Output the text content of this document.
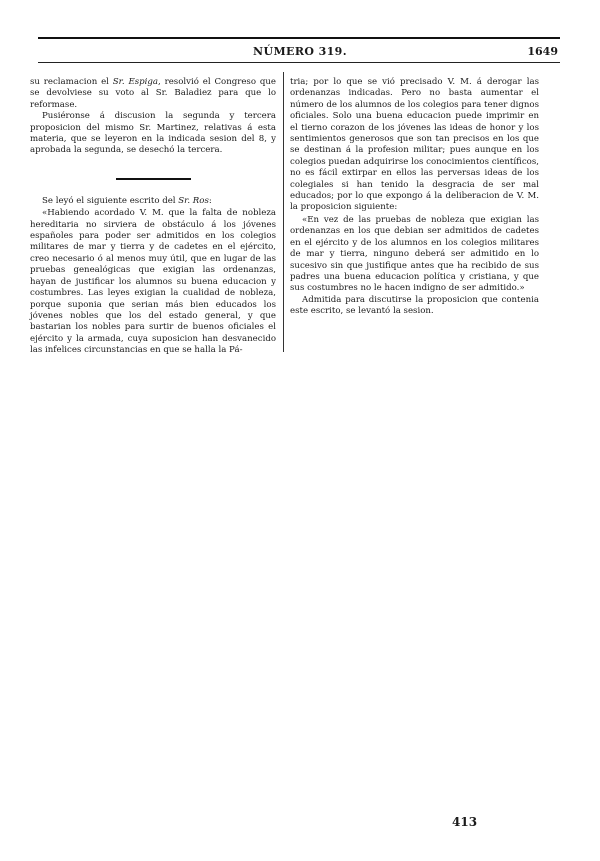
NÚMERO 319.	1649

su reclamacion el Sr. Espiga, resolvió el Congreso que se devolviese su voto al Sr. Baladiez para que lo reformase.

Pusiéronse á discusion la segunda y tercera proposicion del mismo Sr. Martinez, relativas á esta materia, que se leyeron en la indicada sesion del 8, y aprobada la segunda, se desechó la tercera.

Se leyó el siguiente escrito del Sr. Ros:

«Habiendo acordado V. M. que la falta de nobleza hereditaria no sirviera de obstáculo á los jóvenes españoles para poder ser admitidos en los colegios militares de mar y tierra y de cadetes en el ejército, creo necesario ó al menos muy útil, que en lugar de las pruebas genealógicas que exigian las ordenanzas, hayan de justificar los alumnos su buena educacion y costumbres. Las leyes exigian la cualidad de nobleza, porque suponia que serian más bien educados los jóvenes nobles que los del estado general, y que bastarian los nobles para surtir de buenos oficiales el ejército y la armada, cuya suposicion han desvanecido las infelices circunstancias en que se halla la Pá-

tria; por lo que se vió precisado V. M. á derogar las ordenanzas indicadas. Pero no basta aumentar el número de los alumnos de los colegios para tener dignos oficiales. Solo una buena educacion puede imprimir en el tierno corazon de los jóvenes las ideas de honor y los sentimientos generosos que son tan precisos en los que se destinan á la profesion militar; pues aunque en los colegios puedan adquirirse los conocimientos científicos, no es fácil extirpar en ellos las perversas ideas de los colegiales si han tenido la desgracia de ser mal educados; por lo que expongo á la deliberacion de V. M. la proposicion siguiente:

«En vez de las pruebas de nobleza que exigian las ordenanzas en los que debian ser admitidos de cadetes en el ejército y de los alumnos en los colegios militares de mar y tierra, ninguno deberá ser admitido en lo sucesivo sin que justifique antes que ha recibido de sus padres una buena educacion política y cristiana, y que sus costumbres no le hacen indigno de ser admitido.»

Admitida para discutirse la proposicion que contenia este escrito, se levantó la sesion.

413
